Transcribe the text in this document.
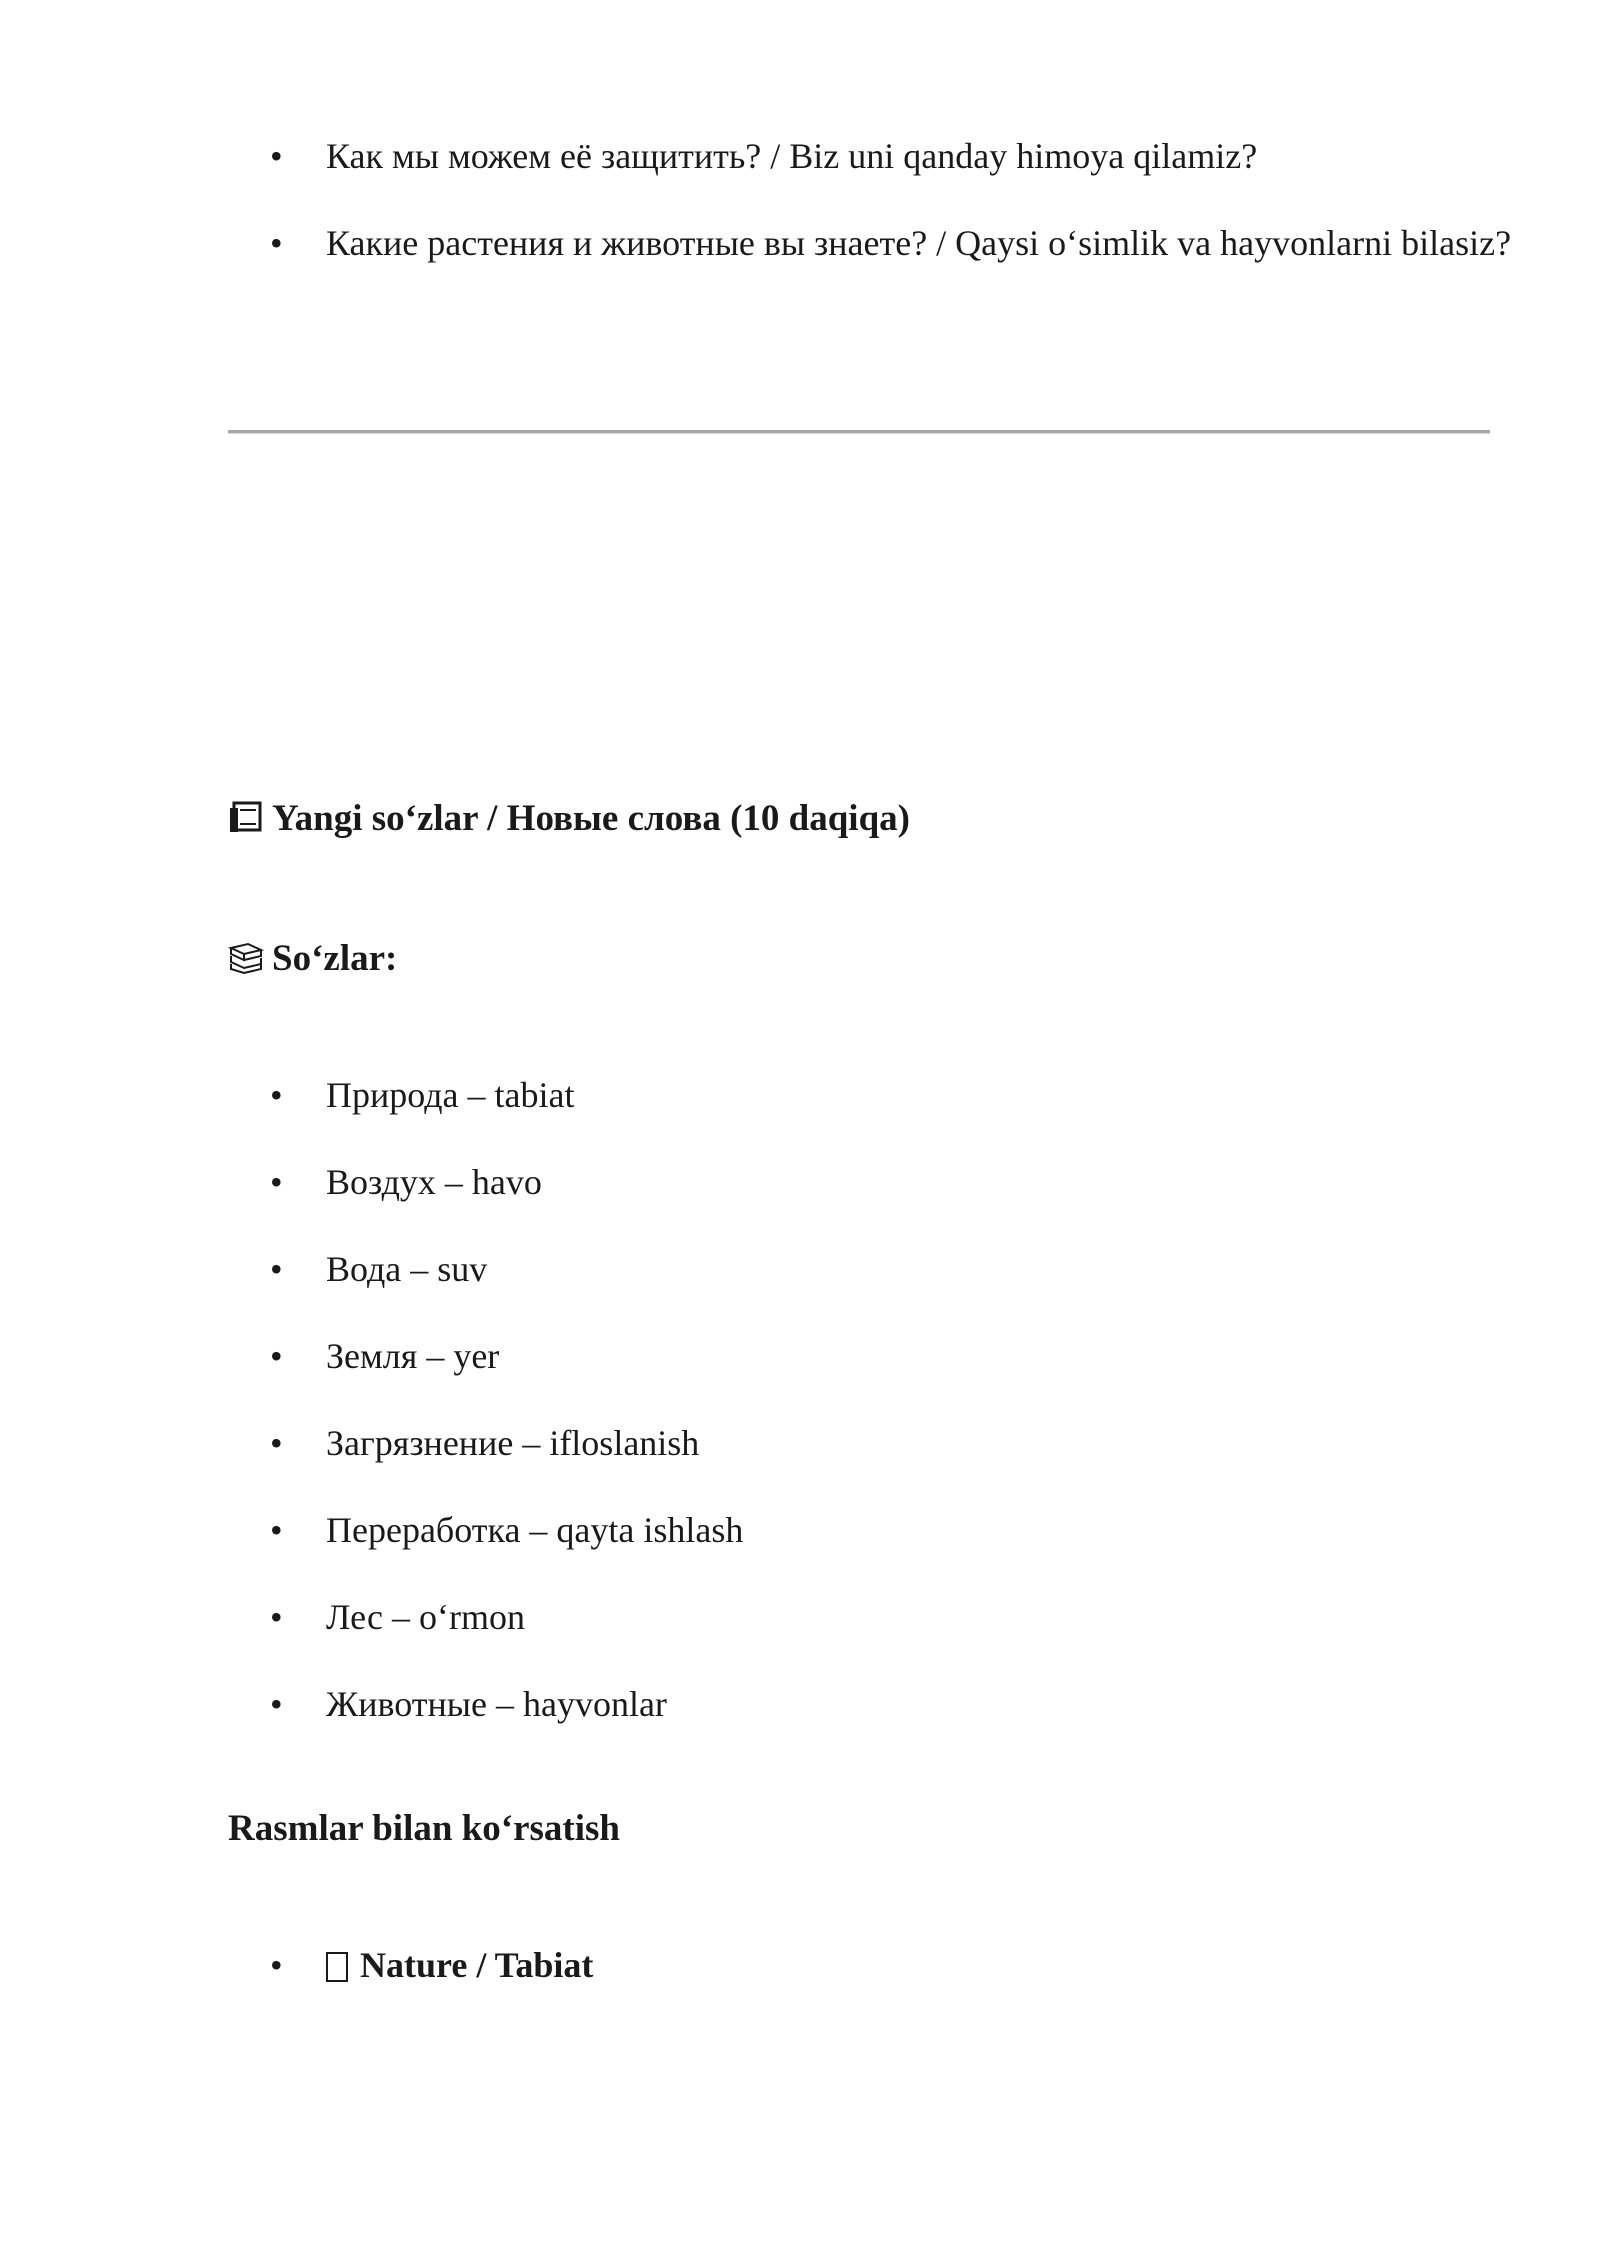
•	Как мы можем её защитить? / Biz uni qanday himoya qilamiz?
•	Какие растения и животные вы знаете? / Qaysi o‘simlik va hayvonlarni bilasiz?
Yangi so‘zlar / Новые слова (10 daqiqa)
So‘zlar:
•	Природа – tabiat
•	Воздух – havo
•	Вода – suv
•	Земля – yer
•	Загрязнение – ifloslanish
•	Переработка – qayta ishlash
•	Лес – o‘rmon
•	Животные – hayvonlar
Rasmlar bilan ko‘rsatish
•	Nature / Tabiat
